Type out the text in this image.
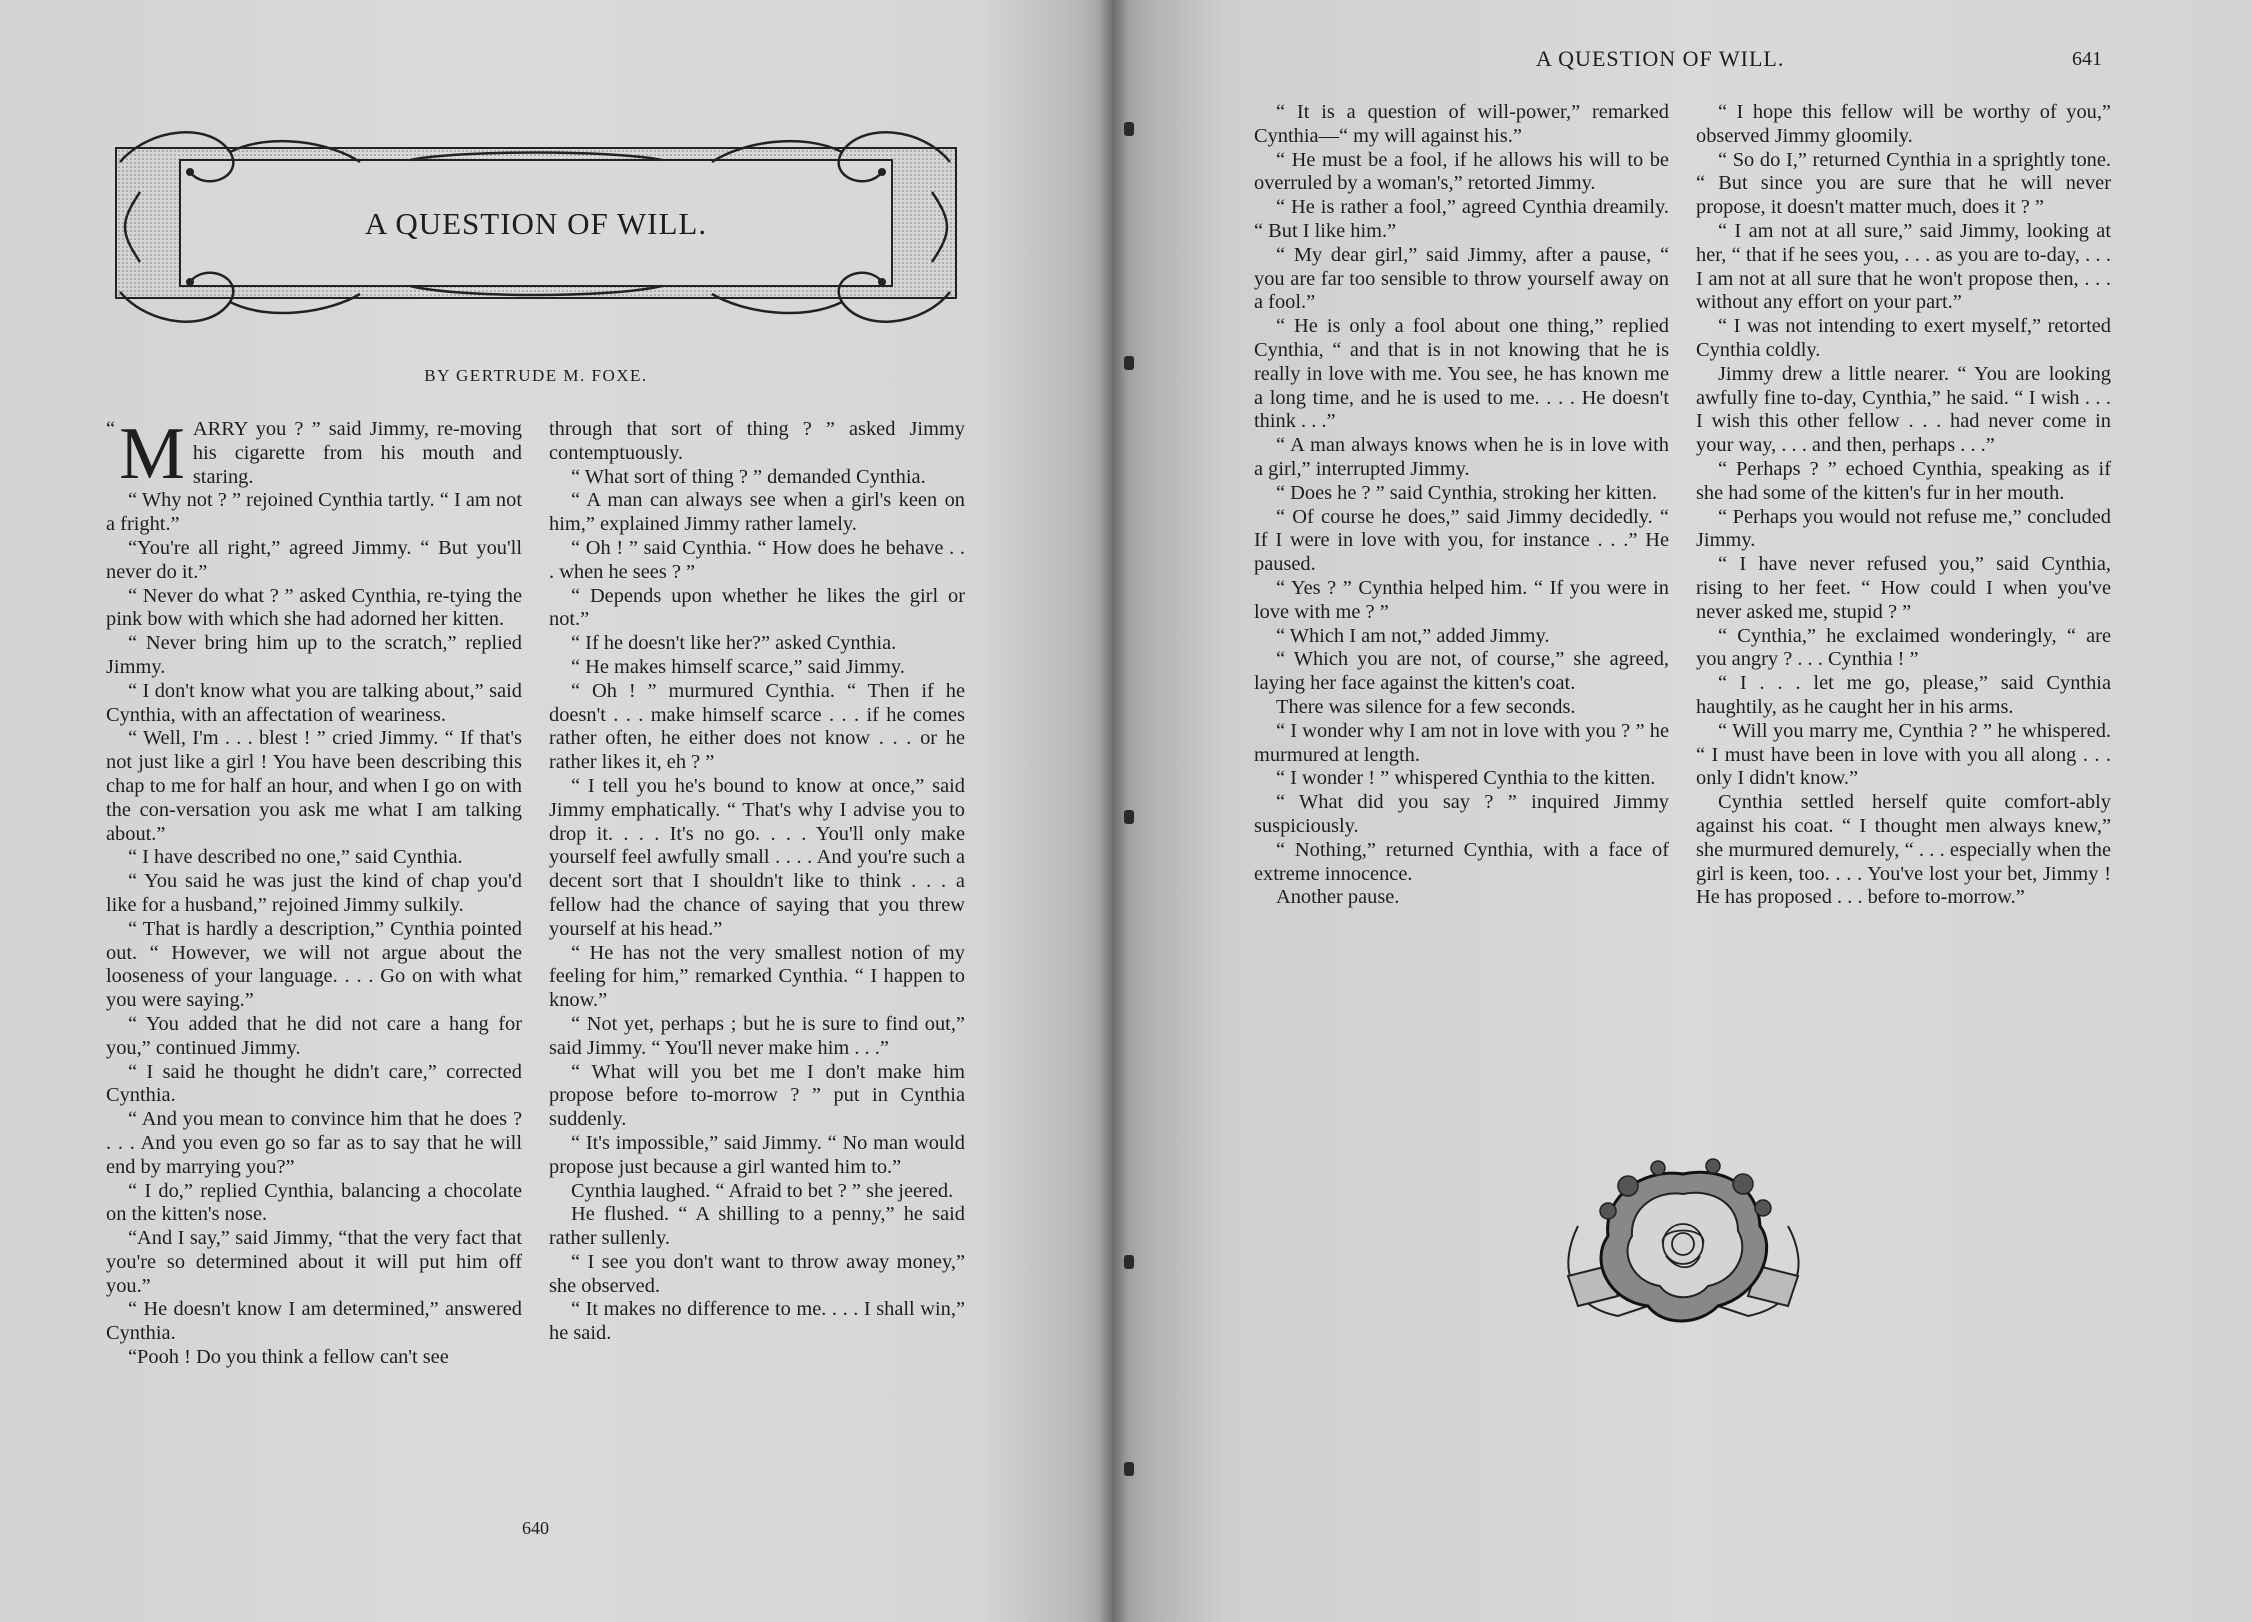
A QUESTION OF WILL.

BY GERTRUDE M. FOXE.

“ M ARRY you ? ” said Jimmy, re-moving his cigarette from his mouth and staring.

“ Why not ? ” rejoined Cynthia tartly. “ I am not a fright.”

“You're all right,” agreed Jimmy. “ But you'll never do it.”

“ Never do what ? ” asked Cynthia, re-tying the pink bow with which she had adorned her kitten.

“ Never bring him up to the scratch,” replied Jimmy.

“ I don't know what you are talking about,” said Cynthia, with an affectation of weariness.

“ Well, I'm . . . blest ! ” cried Jimmy. “ If that's not just like a girl ! You have been describing this chap to me for half an hour, and when I go on with the con-versation you ask me what I am talking about.”

“ I have described no one,” said Cynthia.

“ You said he was just the kind of chap you'd like for a husband,” rejoined Jimmy sulkily.

“ That is hardly a description,” Cynthia pointed out. “ However, we will not argue about the looseness of your language. . . . Go on with what you were saying.”

“ You added that he did not care a hang for you,” continued Jimmy.

“ I said he thought he didn't care,” corrected Cynthia.

“ And you mean to convince him that he does ? . . . And you even go so far as to say that he will end by marrying you?”

“ I do,” replied Cynthia, balancing a chocolate on the kitten's nose.

“And I say,” said Jimmy, “that the very fact that you're so determined about it will put him off you.”

“ He doesn't know I am determined,” answered Cynthia.

“Pooh ! Do you think a fellow can't see

through that sort of thing ? ” asked Jimmy contemptuously.

“ What sort of thing ? ” demanded Cynthia.

“ A man can always see when a girl's keen on him,” explained Jimmy rather lamely.

“ Oh ! ” said Cynthia. “ How does he behave . . . when he sees ? ”

“ Depends upon whether he likes the girl or not.”

“ If he doesn't like her?” asked Cynthia.

“ He makes himself scarce,” said Jimmy.

“ Oh ! ” murmured Cynthia. “ Then if he doesn't . . . make himself scarce . . . if he comes rather often, he either does not know . . . or he rather likes it, eh ? ”

“ I tell you he's bound to know at once,” said Jimmy emphatically. “ That's why I advise you to drop it. . . . It's no go. . . . You'll only make yourself feel awfully small . . . . And you're such a decent sort that I shouldn't like to think . . . a fellow had the chance of saying that you threw yourself at his head.”

“ He has not the very smallest notion of my feeling for him,” remarked Cynthia. “ I happen to know.”

“ Not yet, perhaps ; but he is sure to find out,” said Jimmy. “ You'll never make him . . .”

“ What will you bet me I don't make him propose before to-morrow ? ” put in Cynthia suddenly.

“ It's impossible,” said Jimmy. “ No man would propose just because a girl wanted him to.”

Cynthia laughed. “ Afraid to bet ? ” she jeered.

He flushed. “ A shilling to a penny,” he said rather sullenly.

“ I see you don't want to throw away money,” she observed.

“ It makes no difference to me. . . . I shall win,” he said.

640

A QUESTION OF WILL.	641

“ It is a question of will-power,” remarked Cynthia—“ my will against his.”

“ He must be a fool, if he allows his will to be overruled by a woman's,” retorted Jimmy.

“ He is rather a fool,” agreed Cynthia dreamily. “ But I like him.”

“ My dear girl,” said Jimmy, after a pause, “ you are far too sensible to throw yourself away on a fool.”

“ He is only a fool about one thing,” replied Cynthia, “ and that is in not knowing that he is really in love with me. You see, he has known me a long time, and he is used to me. . . . He doesn't think . . .”

“ A man always knows when he is in love with a girl,” interrupted Jimmy.

“ Does he ? ” said Cynthia, stroking her kitten.

“ Of course he does,” said Jimmy decidedly. “ If I were in love with you, for instance . . .” He paused.

“ Yes ? ” Cynthia helped him. “ If you were in love with me ? ”

“ Which I am not,” added Jimmy.

“ Which you are not, of course,” she agreed, laying her face against the kitten's coat.

There was silence for a few seconds.

“ I wonder why I am not in love with you ? ” he murmured at length.

“ I wonder ! ” whispered Cynthia to the kitten.

“ What did you say ? ” inquired Jimmy suspiciously.

“ Nothing,” returned Cynthia, with a face of extreme innocence.

Another pause.

“ I hope this fellow will be worthy of you,” observed Jimmy gloomily.

“ So do I,” returned Cynthia in a sprightly tone. “ But since you are sure that he will never propose, it doesn't matter much, does it ? ”

“ I am not at all sure,” said Jimmy, looking at her, “ that if he sees you, . . . as you are to-day, . . . I am not at all sure that he won't propose then, . . . without any effort on your part.”

“ I was not intending to exert myself,” retorted Cynthia coldly.

Jimmy drew a little nearer. “ You are looking awfully fine to-day, Cynthia,” he said. “ I wish . . . I wish this other fellow . . . had never come in your way, . . . and then, perhaps . . .”

“ Perhaps ? ” echoed Cynthia, speaking as if she had some of the kitten's fur in her mouth.

“ Perhaps you would not refuse me,” concluded Jimmy.

“ I have never refused you,” said Cynthia, rising to her feet. “ How could I when you've never asked me, stupid ? ”

“ Cynthia,” he exclaimed wonderingly, “ are you angry ? . . . Cynthia ! ”

“ I . . . let me go, please,” said Cynthia haughtily, as he caught her in his arms.

“ Will you marry me, Cynthia ? ” he whispered. “ I must have been in love with you all along . . . only I didn't know.”

Cynthia settled herself quite comfort-ably against his coat. “ I thought men always knew,” she murmured demurely, “ . . . especially when the girl is keen, too. . . . You've lost your bet, Jimmy ! He has proposed . . . before to-morrow.”
